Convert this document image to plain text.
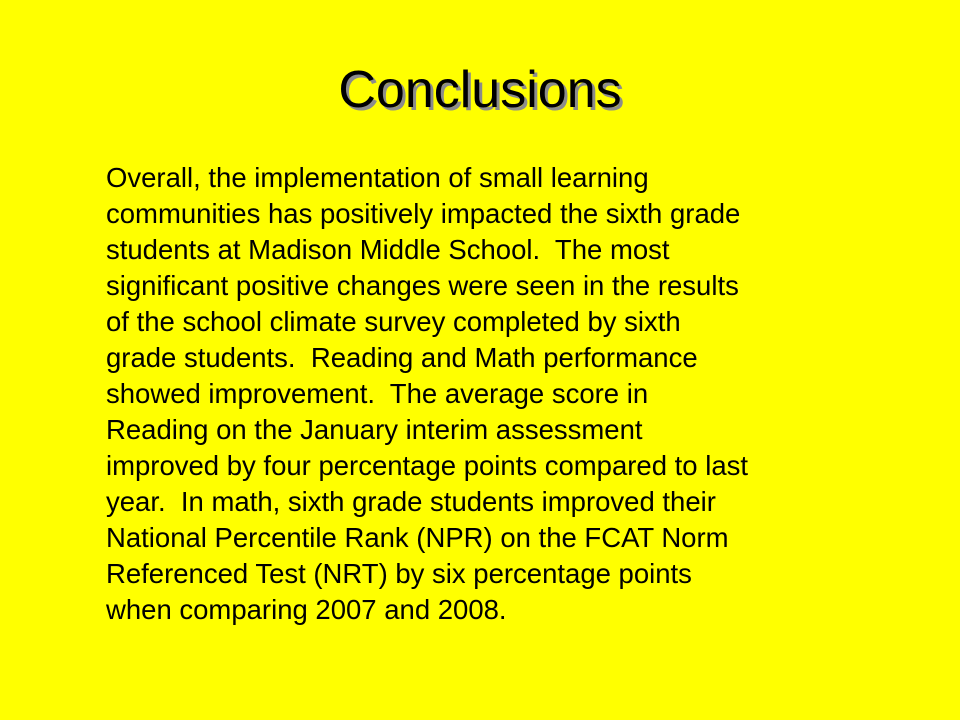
Conclusions
Overall, the implementation of small learning
communities has positively impacted the sixth grade
students at Madison Middle School.  The most
significant positive changes were seen in the results
of the school climate survey completed by sixth
grade students.  Reading and Math performance
showed improvement.  The average score in
Reading on the January interim assessment
improved by four percentage points compared to last
year.  In math, sixth grade students improved their
National Percentile Rank (NPR) on the FCAT Norm
Referenced Test (NRT) by six percentage points
when comparing 2007 and 2008.
